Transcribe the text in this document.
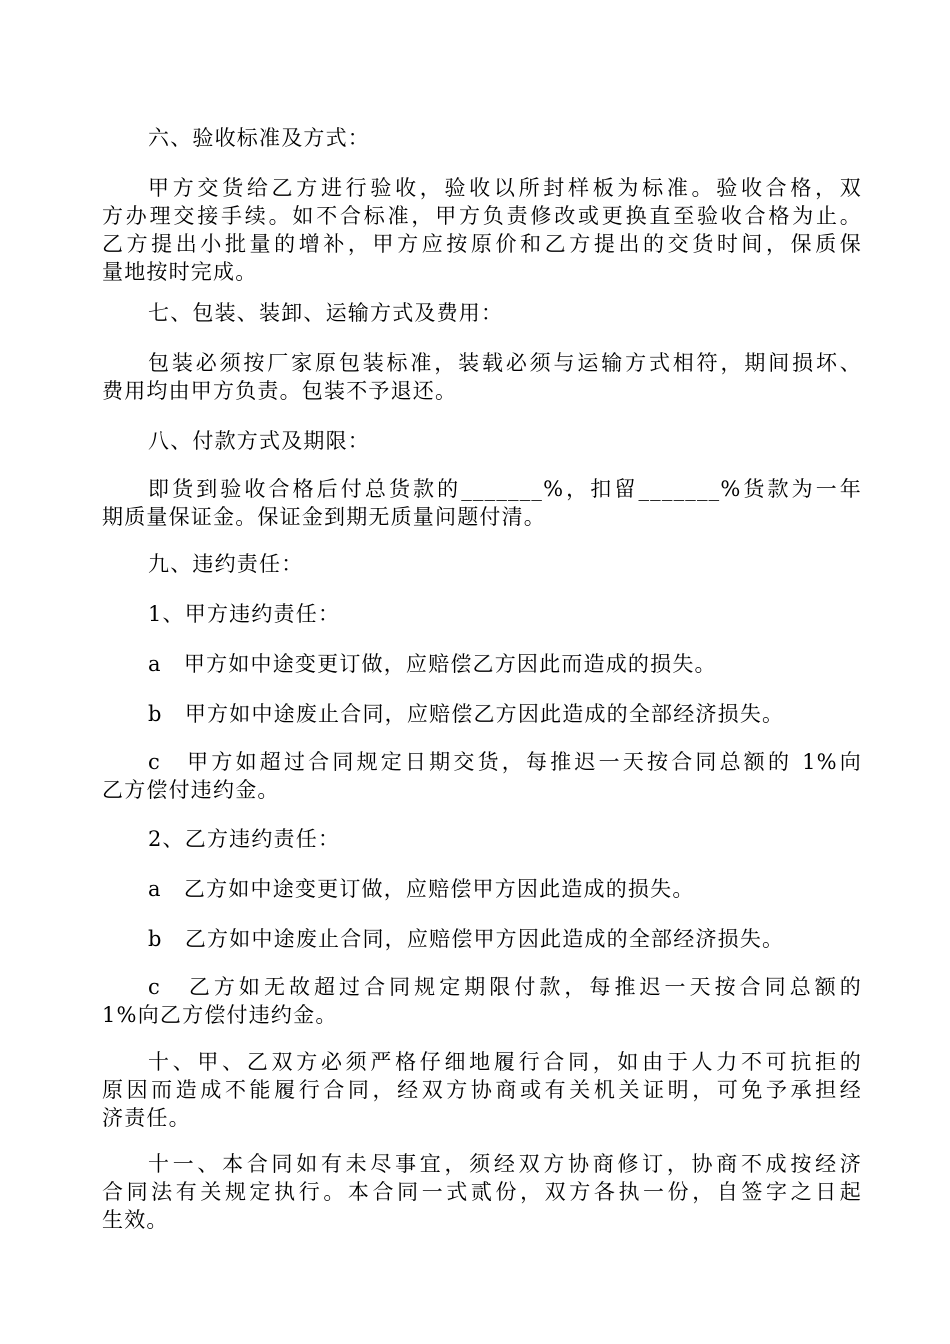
六、验收标准及方式：
甲方交货给乙方进行验收，验收以所封样板为标准。验收合格，双
方办理交接手续。如不合标准，甲方负责修改或更换直至验收合格为止。
乙方提出小批量的增补，甲方应按原价和乙方提出的交货时间，保质保
量地按时完成。
七、包装、装卸、运输方式及费用：
包装必须按厂家原包装标准，装载必须与运输方式相符，期间损坏、
费用均由甲方负责。包装不予退还。
八、付款方式及期限：
即货到验收合格后付总货款的_______%，扣留_______%货款为一年
期质量保证金。保证金到期无质量问题付清。
九、违约责任：
1、甲方违约责任：
a　甲方如中途变更订做，应赔偿乙方因此而造成的损失。
b　甲方如中途废止合同，应赔偿乙方因此造成的全部经济损失。
c　甲方如超过合同规定日期交货，每推迟一天按合同总额的 1%向
乙方偿付违约金。
2、乙方违约责任：
a　乙方如中途变更订做，应赔偿甲方因此造成的损失。
b　乙方如中途废止合同，应赔偿甲方因此造成的全部经济损失。
c　乙方如无故超过合同规定期限付款，每推迟一天按合同总额的
1%向乙方偿付违约金。
十、甲、乙双方必须严格仔细地履行合同，如由于人力不可抗拒的
原因而造成不能履行合同，经双方协商或有关机关证明，可免予承担经
济责任。
十一、本合同如有未尽事宜，须经双方协商修订，协商不成按经济
合同法有关规定执行。本合同一式贰份，双方各执一份，自签字之日起
生效。
